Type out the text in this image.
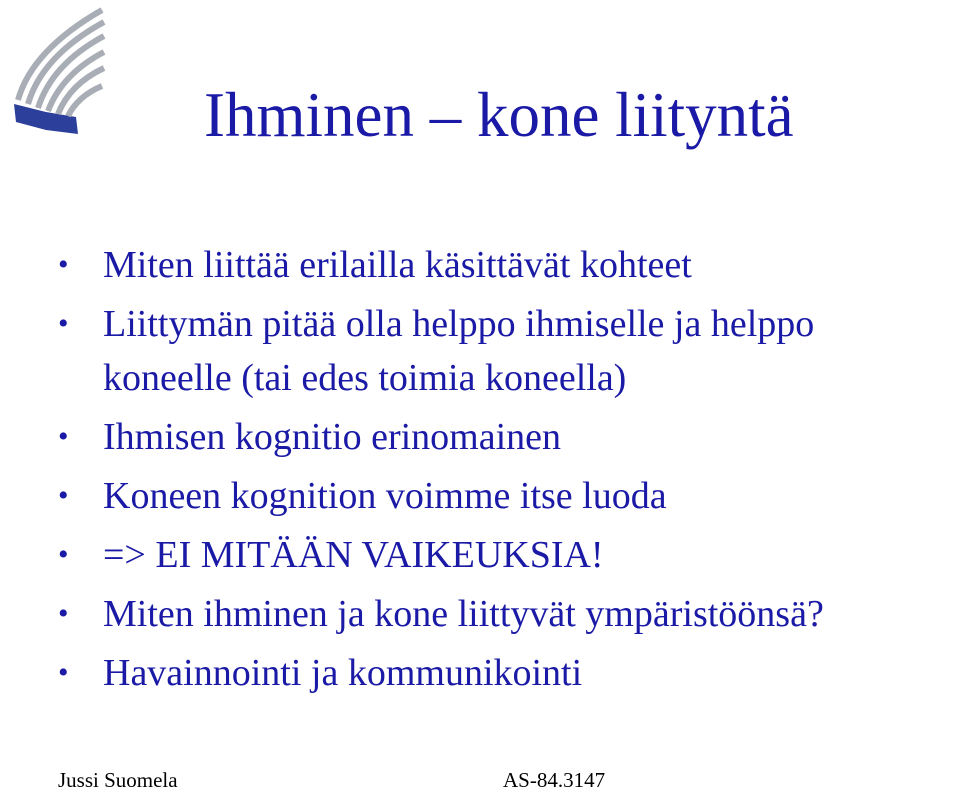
Ihminen – kone liityntä
• Miten liittää erilailla käsittävät kohteet
• Liittymän pitää olla helppo ihmiselle ja helppo
koneelle (tai edes toimia koneella)
• Ihmisen kognitio erinomainen
• Koneen kognition voimme itse luoda
• => EI MITÄÄN VAIKEUKSIA!
• Miten ihminen ja kone liittyvät ympäristöönsä?
• Havainnointi ja kommunikointi
Jussi Suomela	AS-84.3147
